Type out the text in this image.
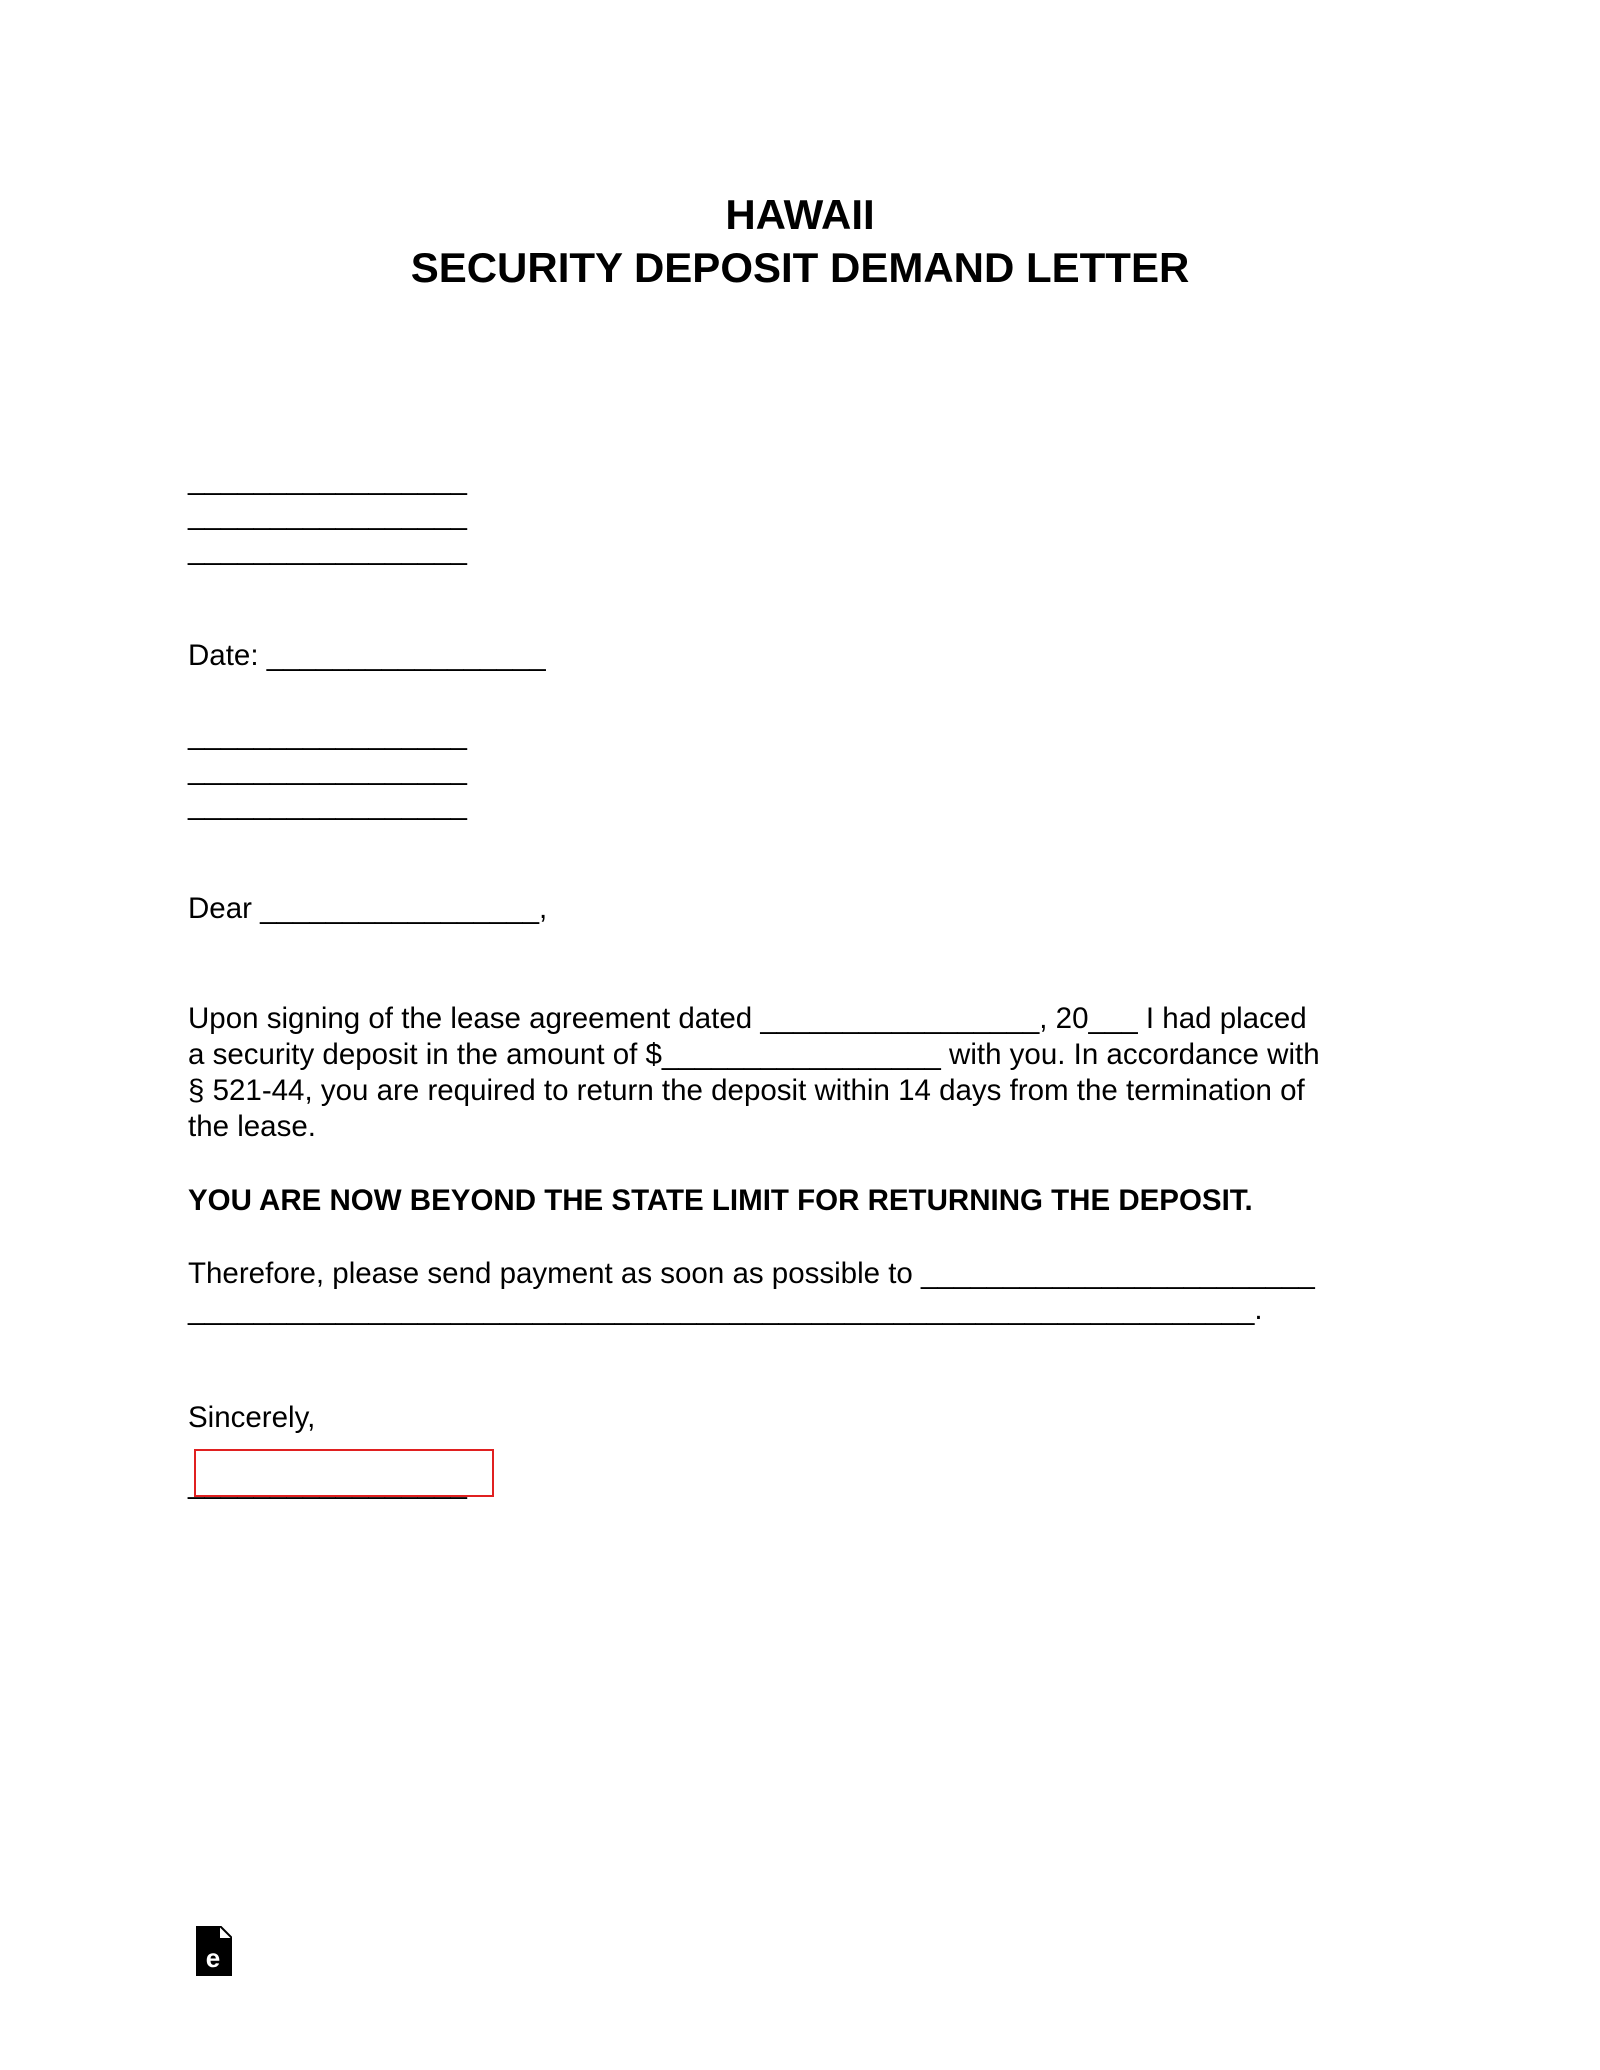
HAWAII
SECURITY DEPOSIT DEMAND LETTER
_________________
_________________
_________________
Date: _________________
_________________
_________________
_________________
Dear _________________,
Upon signing of the lease agreement dated _________________, 20___ I had placed
a security deposit in the amount of $_________________ with you. In accordance with
§ 521-44, you are required to return the deposit within 14 days from the termination of
the lease.
YOU ARE NOW BEYOND THE STATE LIMIT FOR RETURNING THE DEPOSIT.
Therefore, please send payment as soon as possible to ________________________
_________________________________________________________________.
Sincerely,
_________________
e
